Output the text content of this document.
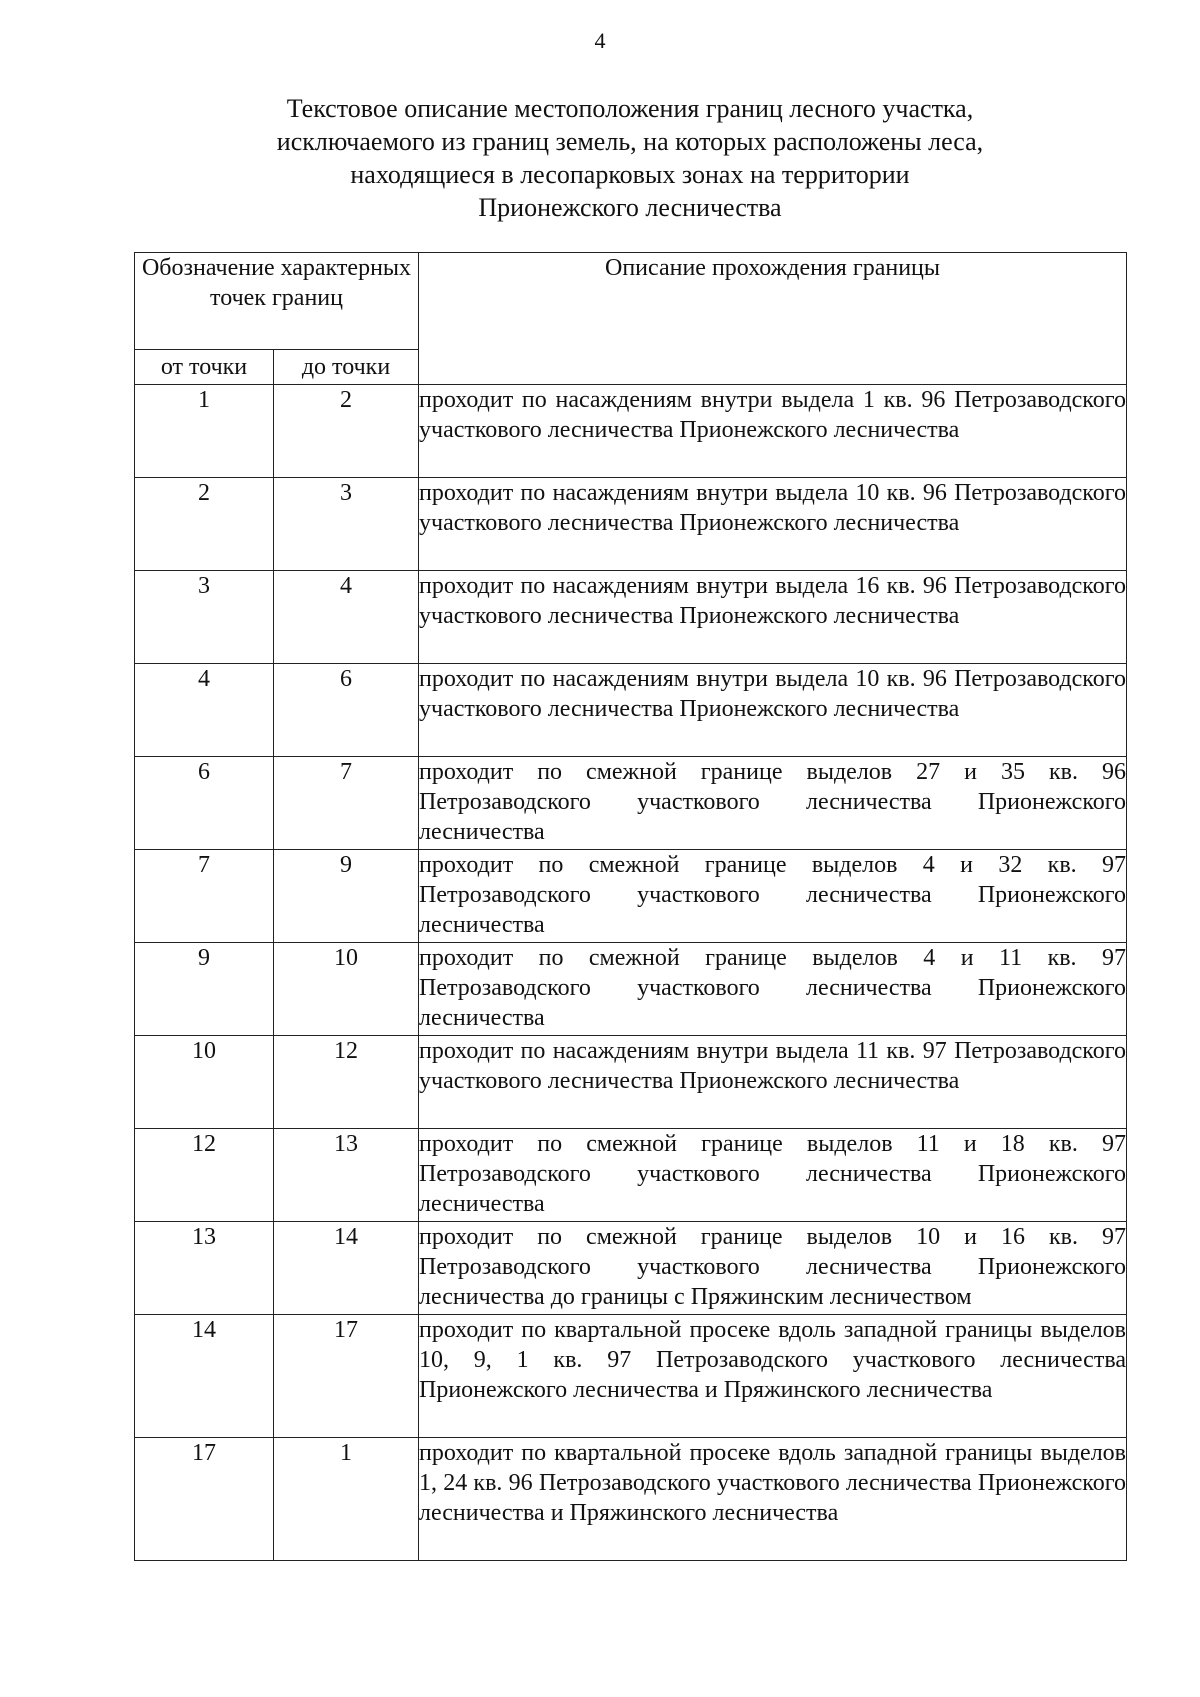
4
Текстовое описание местоположения границ лесного участка,
исключаемого из границ земель, на которых расположены леса,
находящиеся в лесопарковых зонах на территории
Прионежского лесничества
Обозначение характерных точек границ		Описание прохождения границы
от точки	до точки	
1	2	проходит по насаждениям внутри выдела 1 кв. 96 Петрозаводского участкового лесничества Прионежского лесничества
2	3	проходит по насаждениям внутри выдела 10 кв. 96 Петрозаводского участкового лесничества Прионежского лесничества
3	4	проходит по насаждениям внутри выдела 16 кв. 96 Петрозаводского участкового лесничества Прионежского лесничества
4	6	проходит по насаждениям внутри выдела 10 кв. 96 Петрозаводского участкового лесничества Прионежского лесничества
6	7	проходит по смежной границе выделов 27 и 35 кв. 96 Петрозаводского участкового лесничества Прионежского лесничества
7	9	проходит по смежной границе выделов 4 и 32 кв. 97 Петрозаводского участкового лесничества Прионежского лесничества
9	10	проходит по смежной границе выделов 4 и 11 кв. 97 Петрозаводского участкового лесничества Прионежского лесничества
10	12	проходит по насаждениям внутри выдела 11 кв. 97 Петрозаводского участкового лесничества Прионежского лесничества
12	13	проходит по смежной границе выделов 11 и 18 кв. 97 Петрозаводского участкового лесничества Прионежского лесничества
13	14	проходит по смежной границе выделов 10 и 16 кв. 97 Петрозаводского участкового лесничества Прионежского лесничества до границы с Пряжинским лесничеством
14	17	проходит по квартальной просеке вдоль западной границы выделов 10, 9, 1 кв. 97 Петрозаводского участкового лесничества Прионежского лесничества и Пряжинского лесничества
17	1	проходит по квартальной просеке вдоль западной границы выделов 1, 24 кв. 96 Петрозаводского участкового лесничества Прионежского лесничества и Пряжинского лесничества
